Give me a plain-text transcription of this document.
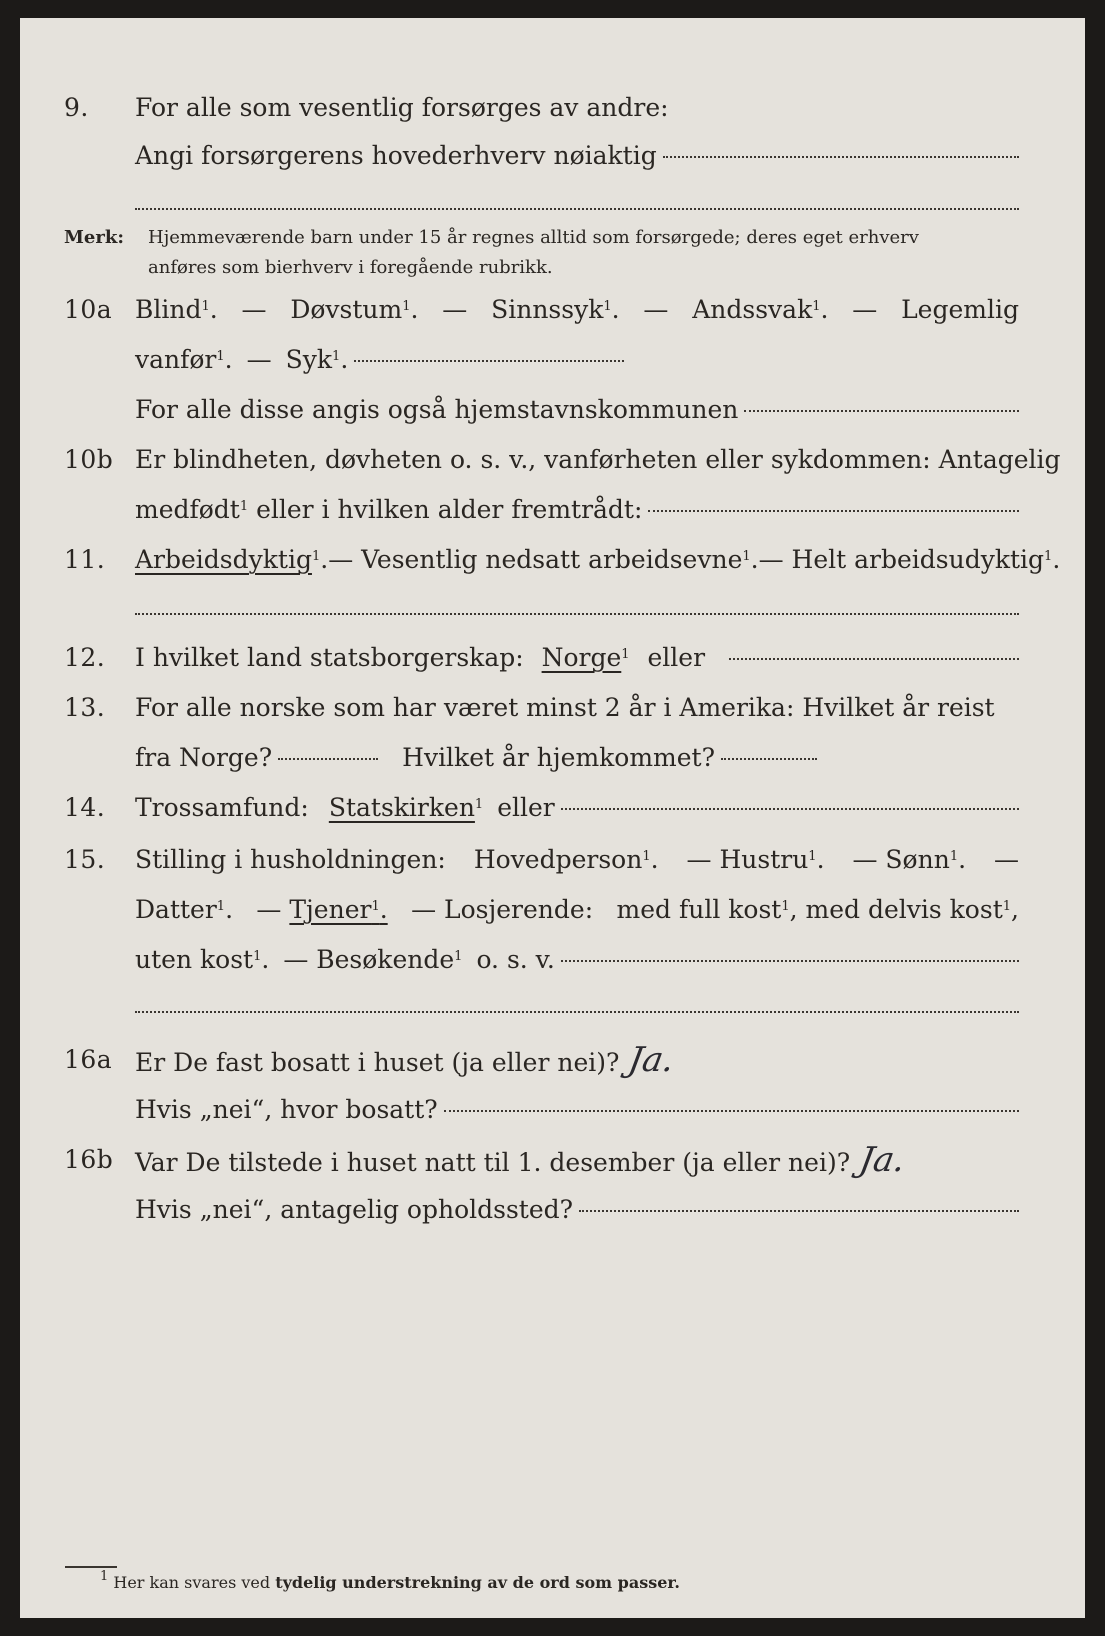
9. For alle som vesentlig forsørges av andre:
Angi forsørgerens hovederhverv nøiaktig
Merk: Hjemmeværende barn under 15 år regnes alltid som forsørgede; deres eget erhverv
anføres som bierhverv i foregående rubrikk.
10a Blind$^1$. — Døvstum$^1$. — Sinnssyk$^1$. — Andssvak$^1$. — Legemlig
vanfør$^1$. — Syk$^1$.
For alle disse angis også hjemstavnskommunen
10b Er blindheten, døvheten o. s. v., vanførheten eller sykdommen: Antagelig
medfødt$^1$ eller i hvilken alder fremtrådt:
11. Arbeidsdyktig$^1$. — Vesentlig nedsatt arbeidsevne$^1$. — Helt arbeidsudyktig$^1$.
12. I hvilket land statsborgerskap: Norge$^1$ eller
13. For alle norske som har været minst 2 år i Amerika: Hvilket år reist
fra Norge?	Hvilket år hjemkommet?
14. Trossamfund: Statskirken$^1$ eller
15. Stilling i husholdningen: Hovedperson$^1$. — Hustru$^1$. — Sønn$^1$. —
Datter$^1$. — Tjener$^1$. — Losjerende: med full kost$^1$, med delvis kost$^1$,
uten kost$^1$. — Besøkende$^1$ o. s. v.
16a Er De fast bosatt i huset (ja eller nei)? Ja.
Hvis „nei“, hvor bosatt?
16b Var De tilstede i huset natt til 1. desember (ja eller nei)? Ja.
Hvis „nei“, antagelig opholdssted?
$^1$ Her kan svares ved tydelig understrekning av de ord som passer.
